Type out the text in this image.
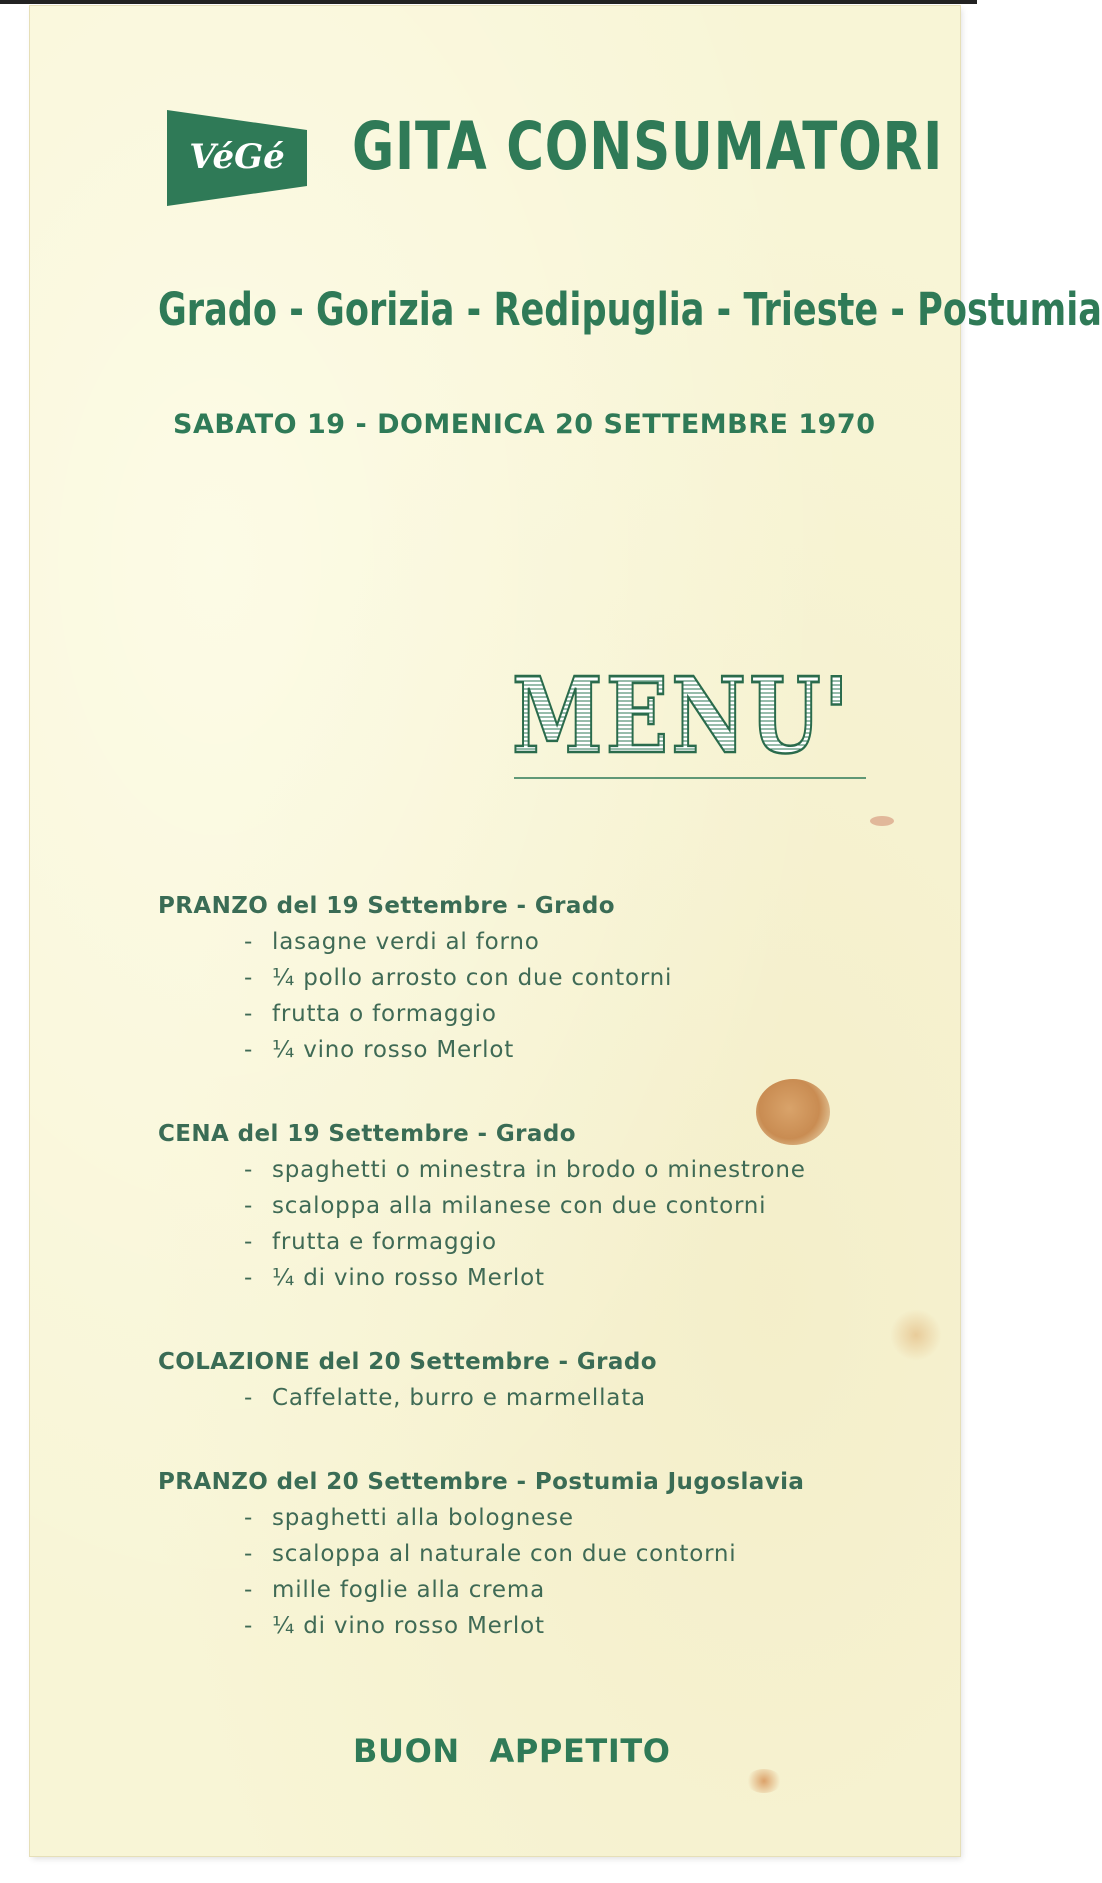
VéGé GITA CONSUMATORI
Grado - Gorizia - Redipuglia - Trieste - Postumia
SABATO 19 - DOMENICA 20 SETTEMBRE 1970
MENU'
PRANZO del 19 Settembre - Grado
- lasagne verdi al forno
- ¼ pollo arrosto con due contorni
- frutta o formaggio
- ¼ vino rosso Merlot
CENA del 19 Settembre - Grado
- spaghetti o minestra in brodo o minestrone
- scaloppa alla milanese con due contorni
- frutta e formaggio
- ¼ di vino rosso Merlot
COLAZIONE del 20 Settembre - Grado
- Caffelatte, burro e marmellata
PRANZO del 20 Settembre - Postumia Jugoslavia
- spaghetti alla bolognese
- scaloppa al naturale con due contorni
- mille foglie alla crema
- ¼ di vino rosso Merlot
BUON APPETITO
